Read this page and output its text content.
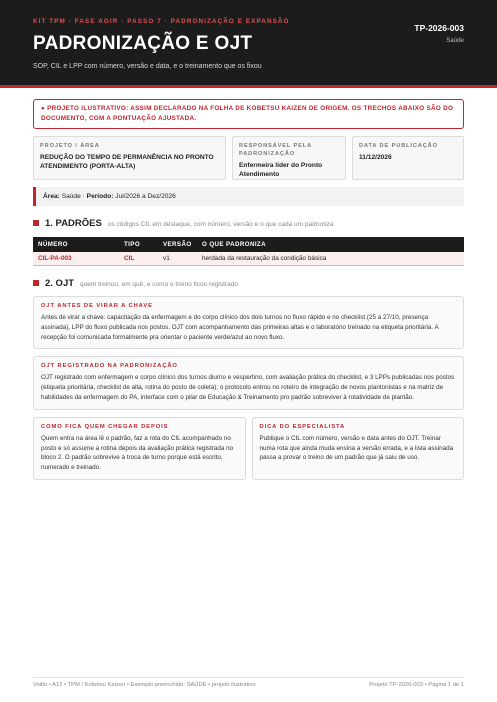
KIT TPM · FASE AGIR · PASSO 7 · PADRONIZAÇÃO E EXPANSÃO
PADRONIZAÇÃO E OJT
SOP, CIL e LPP com número, versão e data, e o treinamento que os fixou
TP-2026-003
Saúde
● PROJETO ILUSTRATIVO: ASSIM DECLARADO NA FOLHA DE KOBETSU KAIZEN DE ORIGEM. OS TRECHOS ABAIXO SÃO DO DOCUMENTO, COM A PONTUAÇÃO AJUSTADA.
PROJETO / ÁREA
REDUÇÃO DO TEMPO DE PERMANÊNCIA NO PRONTO ATENDIMENTO (PORTA-ALTA)
RESPONSÁVEL PELA PADRONIZAÇÃO
Enfermeira líder do Pronto Atendimento
DATA DE PUBLICAÇÃO
11/12/2026
Área: Saúde · Período: Jul/2026 a Dez/2026
1. PADRÕES os códigos CIL em destaque, com número, versão e o que cada um padroniza
NÚMERO	TIPO	VERSÃO	O QUE PADRONIZA
CIL-PA-003	CIL	v1	herdada da restauração da condição básica
2. OJT quem treinou, em quê, e como o treino ficou registrado
OJT ANTES DE VIRAR A CHAVE
Antes de virar a chave: capacitação da enfermagem e do corpo clínico dos dois turnos no fluxo rápido e no checklist (25 a 27/10, presença assinada), LPP do fluxo publicada nos postos, OJT com acompanhamento das primeiras altas e o laboratório treinado na etiqueta prioritária. A recepção foi comunicada formalmente pra orientar o paciente verde/azul ao novo fluxo.
OJT REGISTRADO NA PADRONIZAÇÃO
OJT registrado com enfermagem e corpo clínico dos turnos diurno e vespertino, com avaliação prática do checklist, e 3 LPPs publicadas nos postos (etiqueta prioritária, checklist de alta, rotina do posto de coleta); o protocolo entrou no roteiro de integração de novos plantonistas e na matriz de habilidades da enfermagem do PA, interface com o pilar de Educação & Treinamento pro padrão sobreviver à rotatividade de plantão.
COMO FICA QUEM CHEGAR DEPOIS
Quem entra na área lê o padrão, faz a rota do CIL acompanhado no posto e só assume a rotina depois da avaliação prática registrada no bloco 2. O padrão sobrevive à troca de turno porque está escrito, numerado e treinado.
DICA DO ESPECIALISTA
Publique o CIL com número, versão e data antes do OJT. Treinar numa rota que ainda muda ensina a versão errada, e a lista assinada passa a provar o treino de um padrão que já saiu de uso.
Voilto • A12 • TPM / Kobetsu Kaizen • Exemplo preenchido: SAÚDE • projeto ilustrativo	Projeto TP-2026-003 • Página 1 de 1
